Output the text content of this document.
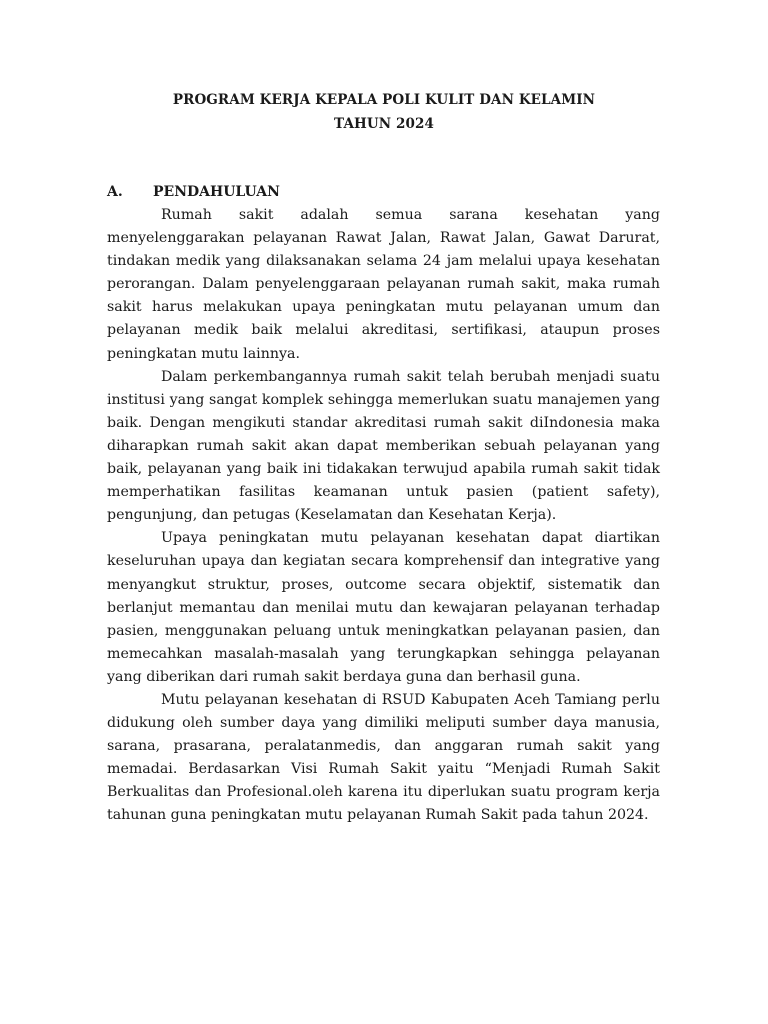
PROGRAM KERJA KEPALA POLI KULIT DAN KELAMIN
TAHUN 2024
A. PENDAHULUAN

Rumah sakit adalah semua sarana kesehatan yang menyelenggarakan pelayanan Rawat Jalan, Rawat Jalan, Gawat Darurat, tindakan medik yang dilaksanakan selama 24 jam melalui upaya kesehatan perorangan. Dalam penyelenggaraan pelayanan rumah sakit, maka rumah sakit harus melakukan upaya peningkatan mutu pelayanan umum dan pelayanan medik baik melalui akreditasi, sertifikasi, ataupun proses peningkatan mutu lainnya.

Dalam perkembangannya rumah sakit telah berubah menjadi suatu institusi yang sangat komplek sehingga memerlukan suatu manajemen yang baik. Dengan mengikuti standar akreditasi rumah sakit diIndonesia maka diharapkan rumah sakit akan dapat memberikan sebuah pelayanan yang baik, pelayanan yang baik ini tidakakan terwujud apabila rumah sakit tidak memperhatikan fasilitas keamanan untuk pasien (patient safety), pengunjung, dan petugas (Keselamatan dan Kesehatan Kerja).

Upaya peningkatan mutu pelayanan kesehatan dapat diartikan keseluruhan upaya dan kegiatan secara komprehensif dan integrative yang menyangkut struktur, proses, outcome secara objektif, sistematik dan berlanjut memantau dan menilai mutu dan kewajaran pelayanan terhadap pasien, menggunakan peluang untuk meningkatkan pelayanan pasien, dan memecahkan masalah-masalah yang terungkapkan sehingga pelayanan yang diberikan dari rumah sakit berdaya guna dan berhasil guna.

Mutu pelayanan kesehatan di RSUD Kabupaten Aceh Tamiang perlu didukung oleh sumber daya yang dimiliki meliputi sumber daya manusia, sarana, prasarana, peralatanmedis, dan anggaran rumah sakit yang memadai. Berdasarkan Visi Rumah Sakit yaitu “Menjadi Rumah Sakit Berkualitas dan Profesional.oleh karena itu diperlukan suatu program kerja tahunan guna peningkatan mutu pelayanan Rumah Sakit pada tahun 2024.
